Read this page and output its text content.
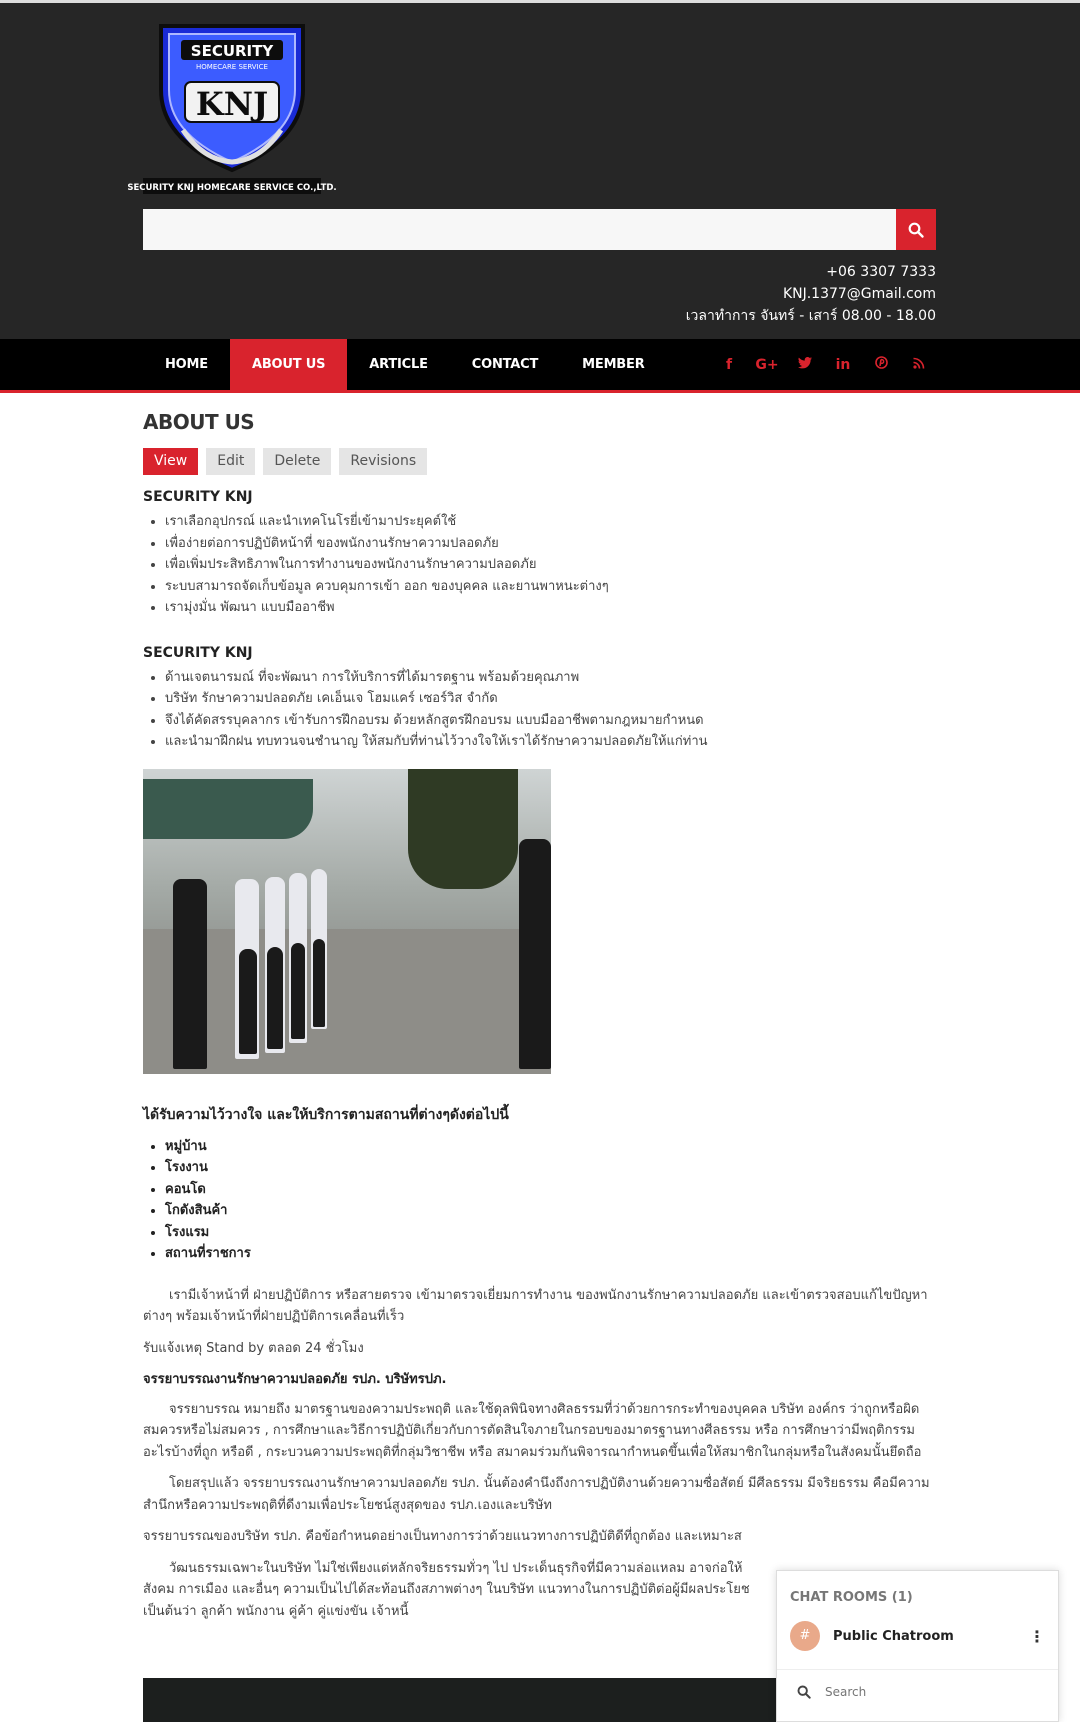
SECURITY
HOMECARE SERVICE
KNJ
SECURITY KNJ HOMECARE SERVICE CO.,LTD.
+06 3307 7333
KNJ.1377@Gmail.com
เวลาทำการ จันทร์ - เสาร์ 08.00 - 18.00
HOME	ABOUT US	ARTICLE	CONTACT	MEMBER	f	G+	in
ABOUT US
View	Edit	Delete	Revisions
SECURITY KNJ
• เราเลือกอุปกรณ์ และนำเทคโนโรยี่เข้ามาประยุคต์ใช้
• เพื่อง่ายต่อการปฏิบัติหน้าที่ ของพนักงานรักษาความปลอดภัย
• เพื่อเพิ่มประสิทธิภาพในการทำงานของพนักงานรักษาความปลอดภัย
• ระบบสามารถจัดเก็บข้อมูล ควบคุมการเข้า ออก ของบุคคล และยานพาหนะต่างๆ
• เรามุ่งมั่น พัฒนา แบบมืออาชีพ
SECURITY KNJ
• ด้านเจตนารมณ์ ที่จะพัฒนา การให้บริการที่ได้มารตฐาน พร้อมด้วยคุณภาพ
• บริษัท รักษาความปลอดภัย เคเอ็นเจ โฮมแคร์ เซอร์วิส จำกัด
• จึงได้คัดสรรบุคลากร เข้ารับการฝึกอบรม ด้วยหลักสูตรฝึกอบรม แบบมืออาชีพตามกฎหมายกำหนด
• และนำมาฝึกฝน ทบทวนจนชำนาญ ให้สมกับที่ท่านไว้วางใจให้เราได้รักษาความปลอดภัยให้แก่ท่าน
ได้รับความไว้วางใจ และให้บริการตามสถานที่ต่างๆดังต่อไปนี้
• หมู่บ้าน
• โรงงาน
• คอนโด
• โกดังสินค้า
• โรงแรม
• สถานที่ราชการ

เรามีเจ้าหน้าที่ ฝ่ายปฏิบัติการ หรือสายตรวจ เข้ามาตรวจเยี่ยมการทำงาน ของพนักงานรักษาความปลอดภัย และเข้าตรวจสอบแก้ไขปัญหาต่างๆ พร้อมเจ้าหน้าที่ฝ่ายปฏิบัติการเคลื่อนที่เร็ว

รับแจ้งเหตุ Stand by ตลอด 24 ชั่วโมง

จรรยาบรรณงานรักษาความปลอดภัย รปภ. บริษัทรปภ.

จรรยาบรรณ หมายถึง มาตรฐานของความประพฤติ และใช้ดุลพินิจทางศิลธรรมที่ว่าด้วยการกระทำของบุคคล บริษัท องค์กร ว่าถูกหรือผิด สมควรหรือไม่สมควร , การศึกษาและวิธีการปฏิบัติเกี่ยวกับการตัดสินใจภายในกรอบของมาตรฐานทางศีลธรรม หรือ การศึกษาว่ามีพฤติกรรมอะไรบ้างที่ถูก หรือดี , กระบวนความประพฤติที่กลุ่มวิชาชีพ หรือ สมาคมร่วมกันพิจารณากำหนดขึ้นเพื่อให้สมาชิกในกลุ่มหรือในสังคมนั้นยึดถือ

โดยสรุปแล้ว จรรยาบรรณงานรักษาความปลอดภัย รปภ. นั้นต้องคำนึงถึงการปฏิบัติงานด้วยความซื่อสัตย์ มีศีลธรรม มีจริยธรรม คือมีความสำนึกหรือความประพฤติที่ดีงามเพื่อประโยชน์สูงสุดของ รปภ.เองและบริษัท

จรรยาบรรณของบริษัท รปภ. คือข้อกำหนดอย่างเป็นทางการว่าด้วยแนวทางการปฏิบัติดีที่ถูกต้อง และเหมาะส

วัฒนธรรมเฉพาะในบริษัท ไม่ใช่เพียงแต่หลักจริยธรรมทั่วๆ ไป ประเด็นธุรกิจที่มีความล่อแหลม อาจก่อให้

สังคม การเมือง และอื่นๆ ความเป็นไปได้สะท้อนถึงสภาพต่างๆ ในบริษัท แนวทางในการปฏิบัติต่อผู้มีผลประโยช

เป็นต้นว่า ลูกค้า พนักงาน คู่ค้า คู่แข่งขัน เจ้าหนี้

CHAT ROOMS (1)
#	Public Chatroom	⋮
Search
